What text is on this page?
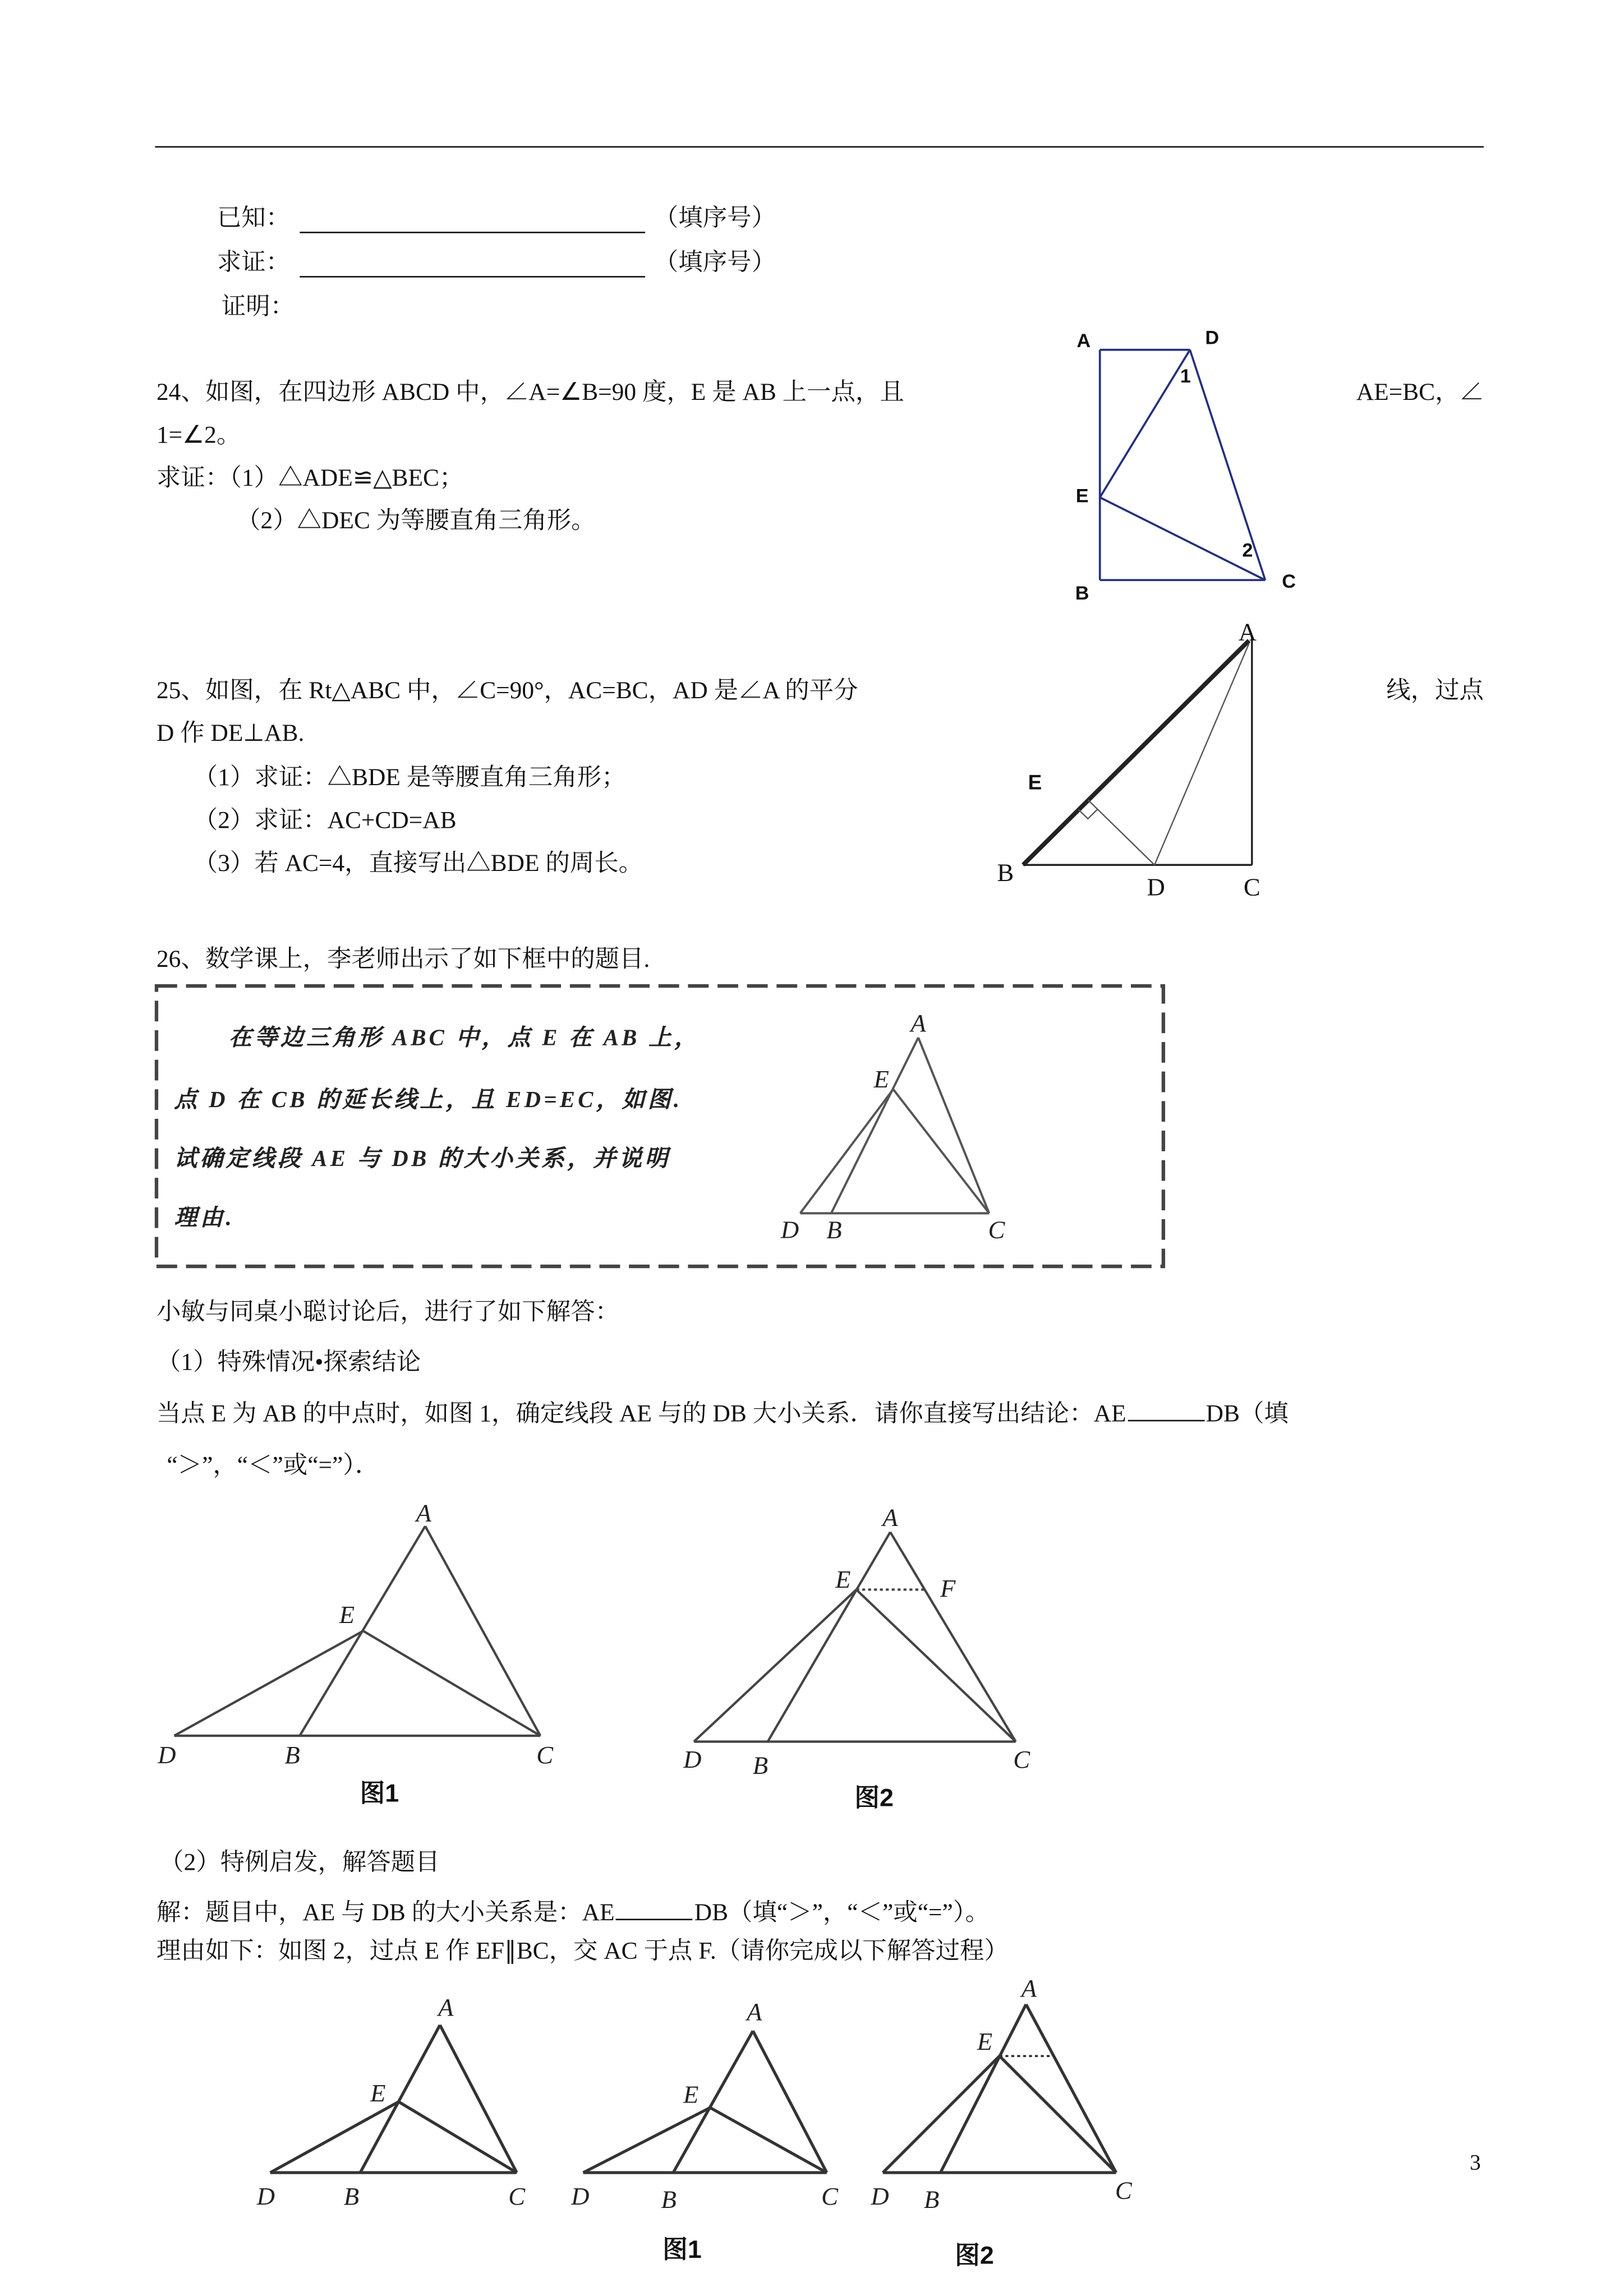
已知：	（填序号）
求证：	（填序号）
证明：
24、如图，在四边形 ABCD 中，∠A=∠B=90 度，E 是 AB 上一点，且	AE=BC，∠
1=∠2。
求证：（1）△ADE≌△BEC；
（2）△DEC 为等腰直角三角形。
A	D
1
E
2
B
C
25、如图，在 Rt△ABC 中，∠C=90°，AC=BC，AD 是∠A 的平分	线，过点
D 作 DE⊥AB.
（1）求证：△BDE 是等腰直角三角形；
（2）求证：AC+CD=AB
（3）若 AC=4，直接写出△BDE 的周长。
A
E
B
D	C
26、数学课上，李老师出示了如下框中的题目.
在等边三角形 ABC 中，点 E 在 AB 上，
点 D 在 CB 的延长线上，且 ED=EC，如图.
试确定线段 AE 与 DB 的大小关系，并说明
理由.
A
E
D	B	C
小敏与同桌小聪讨论后，进行了如下解答：
（1）特殊情况•探索结论
当点 E 为 AB 的中点时，如图 1，确定线段 AE 与的 DB 大小关系．请你直接写出结论：AE	DB（填
“＞”，“＜”或“=”）．
A
E
D	B	C
图1
A
E	F
D	B	C
图2
（2）特例启发，解答题目
解：题目中，AE 与 DB 的大小关系是：AE	DB（填“＞”，“＜”或“=”）。
理由如下：如图 2，过点 E 作 EF∥BC，交 AC 于点 F.（请你完成以下解答过程）
A
E
D	B	C
A
E
D	B	C
图1
A
E
D	B	C
图2
3
